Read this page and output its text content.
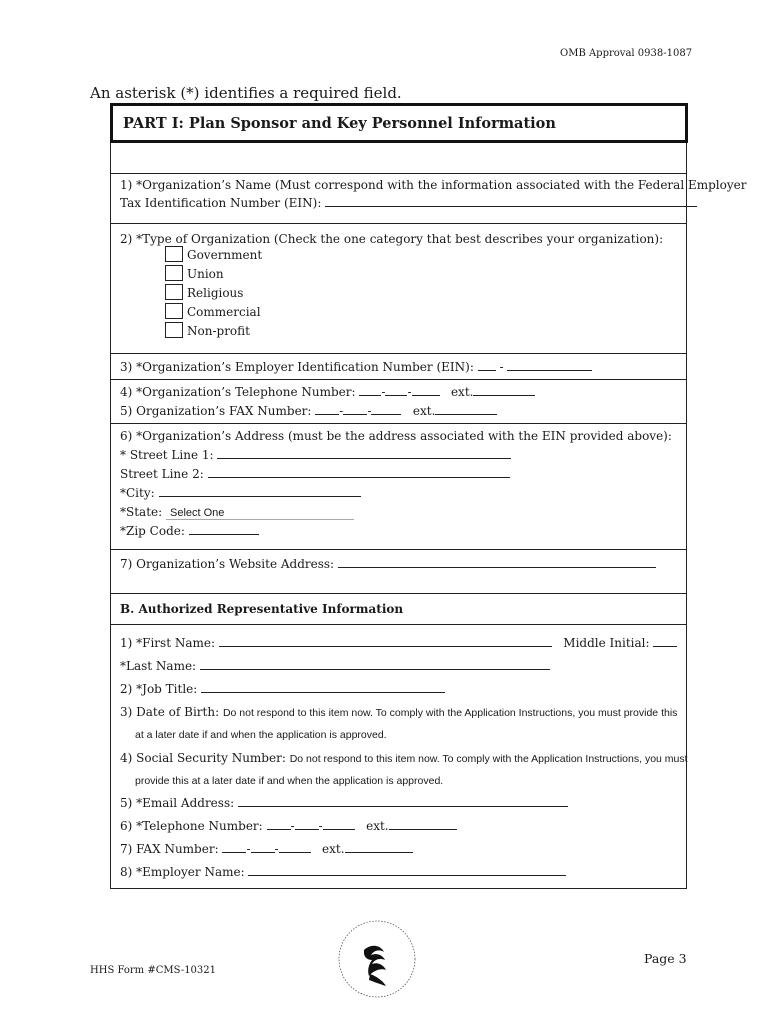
OMB Approval 0938-1087
An asterisk (*) identifies a required field.
PART I: Plan Sponsor and Key Personnel Information
1) *Organization’s Name (Must correspond with the information associated with the Federal Employer
Tax Identification Number (EIN):
2) *Type of Organization (Check the one category that best describes your organization):
Government
Union
Religious
Commercial
Non-profit
3) *Organization’s Employer Identification Number (EIN):  -
4) *Organization’s Telephone Number: - -	ext.
5) Organization’s FAX Number: - -	ext.
6) *Organization’s Address (must be the address associated with the EIN provided above):
* Street Line 1:
Street Line 2:
*City:
*State: Select One
*Zip Code:
7) Organization’s Website Address:
B. Authorized Representative Information
1) *First Name:	Middle Initial:
*Last Name:
2) *Job Title:
3) Date of Birth: Do not respond to this item now. To comply with the Application Instructions, you must provide this
at a later date if and when the application is approved.
4) Social Security Number: Do not respond to this item now. To comply with the Application Instructions, you must
provide this at a later date if and when the application is approved.
5) *Email Address:
6) *Telephone Number: - -	ext.
7) FAX Number: - -	ext.
8) *Employer Name:
HHS Form #CMS-10321
Page 3
